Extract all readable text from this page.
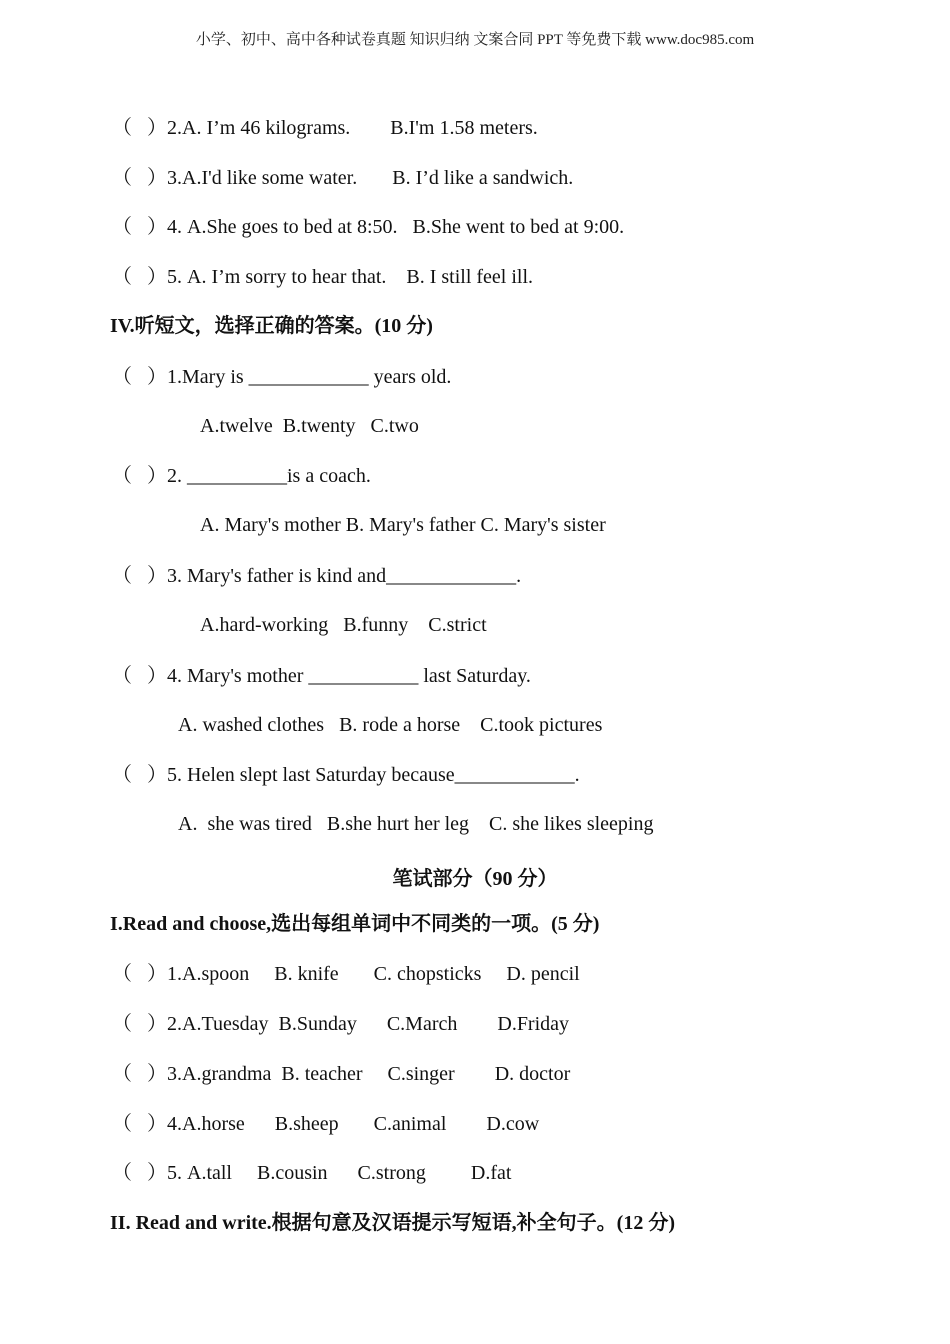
小学、初中、高中各种试卷真题 知识归纳 文案合同 PPT 等免费下载 www.doc985.com
（   ）2.A. I’m 46 kilograms.        B.I'm 1.58 meters.
（   ）3.A.I'd like some water.       B. I’d like a sandwich.
（   ）4. A.She goes to bed at 8:50.   B.She went to bed at 9:00.
（   ）5. A. I’m sorry to hear that.    B. I still feel ill.
IV.听短文，选择正确的答案。(10 分)
（   ）1.Mary is ____________ years old.
A.twelve  B.twenty   C.two
（   ）2. __________is a coach.
A. Mary's mother B. Mary's father C. Mary's sister
（   ）3. Mary's father is kind and_____________.
A.hard-working   B.funny    C.strict
（   ）4. Mary's mother ___________ last Saturday.
A. washed clothes   B. rode a horse    C.took pictures
（   ）5. Helen slept last Saturday because____________.
A.  she was tired   B.she hurt her leg    C. she likes sleeping
笔试部分（90 分）
I.Read and choose,选出每组单词中不同类的一项。(5 分)
（   ）1.A.spoon     B. knife       C. chopsticks     D. pencil
（   ）2.A.Tuesday  B.Sunday      C.March        D.Friday
（   ）3.A.grandma  B. teacher     C.singer        D. doctor
（   ）4.A.horse      B.sheep       C.animal        D.cow
（   ）5. A.tall     B.cousin      C.strong         D.fat
II. Read and write.根据句意及汉语提示写短语,补全句子。(12 分)
